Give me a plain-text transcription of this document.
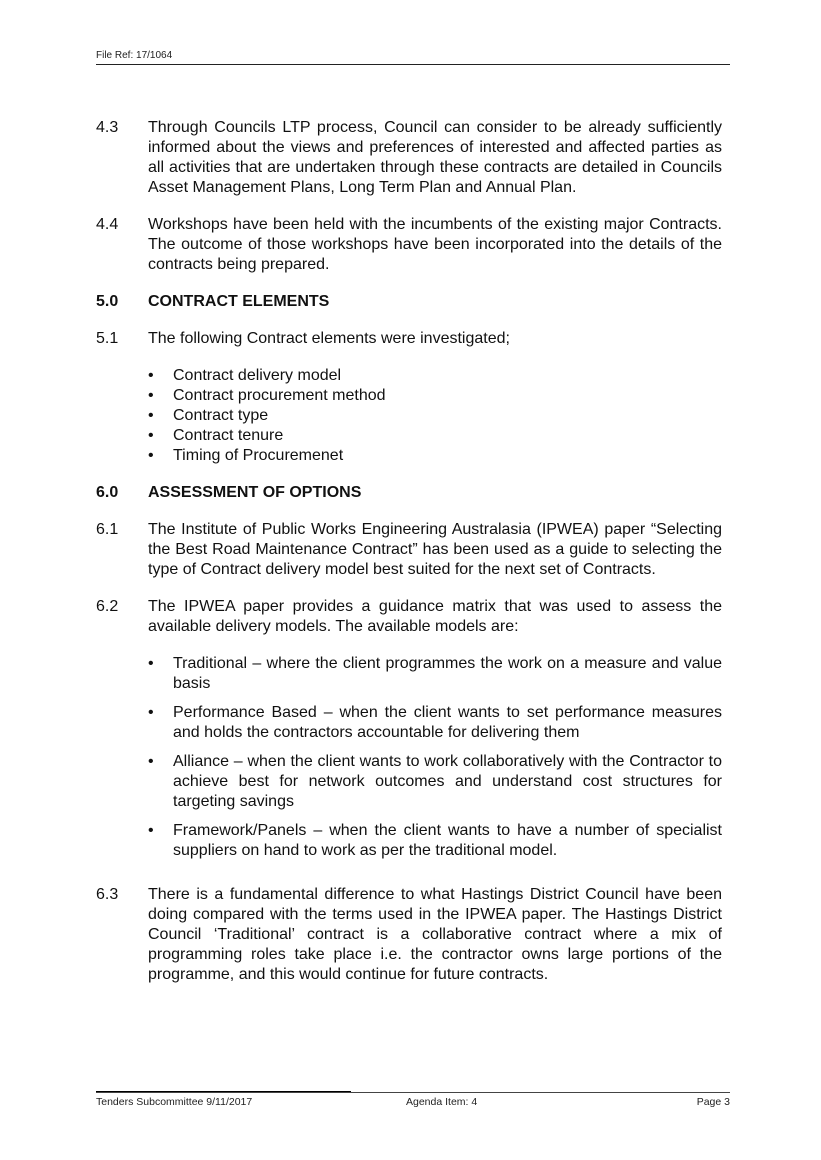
File Ref: 17/1064
4.3	Through Councils LTP process, Council can consider to be already sufficiently informed about the views and preferences of interested and affected parties as all activities that are undertaken through these contracts are detailed in Councils Asset Management Plans, Long Term Plan and Annual Plan.
4.4	Workshops have been held with the incumbents of the existing major Contracts. The outcome of those workshops have been incorporated into the details of the contracts being prepared.
5.0	CONTRACT ELEMENTS
5.1	The following Contract elements were investigated;
•	Contract delivery model
•	Contract procurement method
•	Contract type
•	Contract tenure
•	Timing of Procuremenet
6.0	ASSESSMENT OF OPTIONS
6.1	The Institute of Public Works Engineering Australasia (IPWEA) paper “Selecting the Best Road Maintenance Contract” has been used as a guide to selecting the type of Contract delivery model best suited for the next set of Contracts.
6.2	The IPWEA paper provides a guidance matrix that was used to assess the available delivery models. The available models are:
•	Traditional – where the client programmes the work on a measure and value basis
•	Performance Based – when the client wants to set performance measures and holds the contractors accountable for delivering them
•	Alliance – when the client wants to work collaboratively with the Contractor to achieve best for network outcomes and understand cost structures for targeting savings
•	Framework/Panels – when the client wants to have a number of specialist suppliers on hand to work as per the traditional model.
6.3	There is a fundamental difference to what Hastings District Council have been doing compared with the terms used in the IPWEA paper. The Hastings District Council ‘Traditional’ contract is a collaborative contract where a mix of programming roles take place i.e. the contractor owns large portions of the programme, and this would continue for future contracts.
Tenders Subcommittee 9/11/2017	Agenda Item: 4	Page 3
